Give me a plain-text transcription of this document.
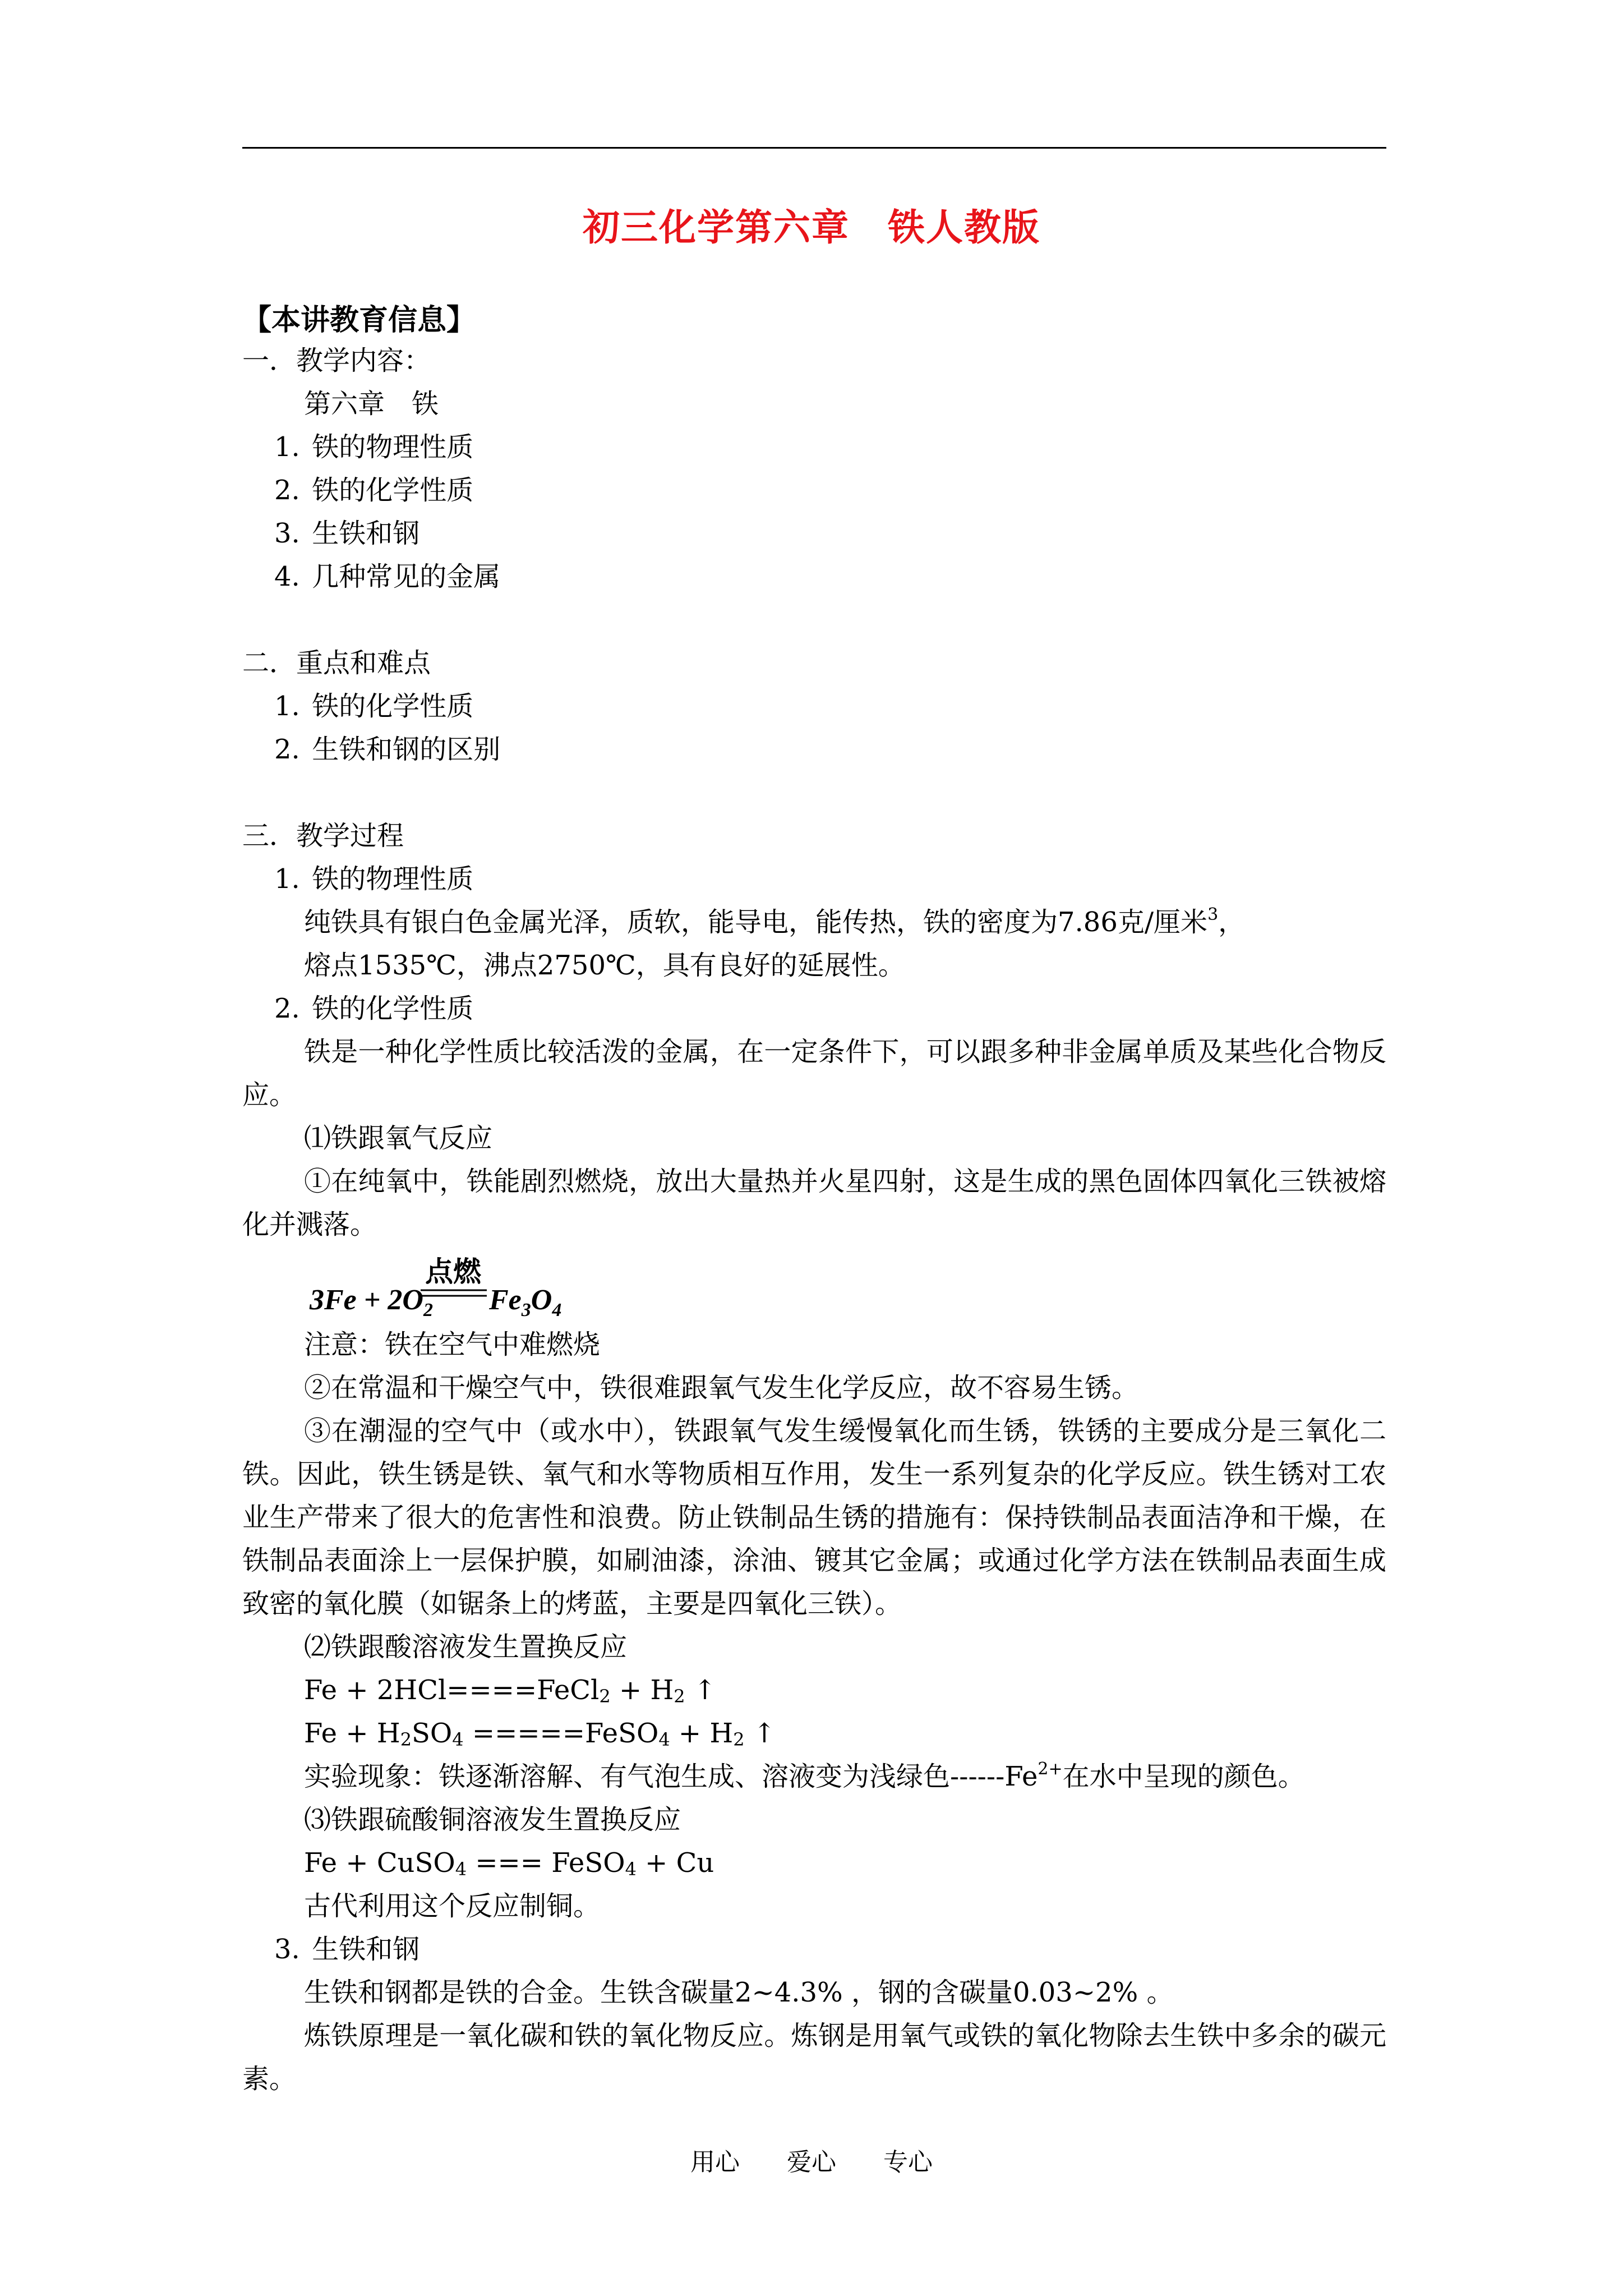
初三化学第六章　铁人教版
【本讲教育信息】

一．教学内容：

第六章　铁

1. 铁的物理性质

2. 铁的化学性质

3. 生铁和钢

4. 几种常见的金属

二．重点和难点

1. 铁的化学性质

2. 生铁和钢的区别

三．教学过程

1. 铁的物理性质

纯铁具有银白色金属光泽，质软，能导电，能传热，铁的密度为7.86克/厘米$^3$，

熔点1535℃，沸点2750℃，具有良好的延展性。

2. 铁的化学性质

铁是一种化学性质比较活泼的金属，在一定条件下，可以跟多种非金属单质及某些化合物反应。

⑴铁跟氧气反应

①在纯氧中，铁能剧烈燃烧，放出大量热并火星四射，这是生成的黑色固体四氧化三铁被熔化并溅落。

点燃
$3Fe + 2O_2$ $Fe_3O_4$

注意：铁在空气中难燃烧

②在常温和干燥空气中，铁很难跟氧气发生化学反应，故不容易生锈。

③在潮湿的空气中（或水中），铁跟氧气发生缓慢氧化而生锈，铁锈的主要成分是三氧化二铁。因此，铁生锈是铁、氧气和水等物质相互作用，发生一系列复杂的化学反应。铁生锈对工农业生产带来了很大的危害性和浪费。防止铁制品生锈的措施有：保持铁制品表面洁净和干燥，在铁制品表面涂上一层保护膜，如刷油漆，涂油、镀其它金属；或通过化学方法在铁制品表面生成致密的氧化膜（如锯条上的烤蓝，主要是四氧化三铁）。

⑵铁跟酸溶液发生置换反应

Fe + 2HCl====FeCl$_2$ + $H_2$ ↑

$Fe + H_2SO_4$ =====FeSO$_4$ + $H_2$ ↑

实验现象：铁逐渐溶解、有气泡生成、溶液变为浅绿色$------Fe^{2+}$在水中呈现的颜色。

⑶铁跟硫酸铜溶液发生置换反应

Fe + CuSO$_4$ === FeSO$_4$ + Cu

古代利用这个反应制铜。

3. 生铁和钢

生铁和钢都是铁的合金。生铁含碳量2~4.3% ，钢的含碳量0.03~2% 。

炼铁原理是一氧化碳和铁的氧化物反应。炼钢是用氧气或铁的氧化物除去生铁中多余的碳元素。

用心 爱心 专心
